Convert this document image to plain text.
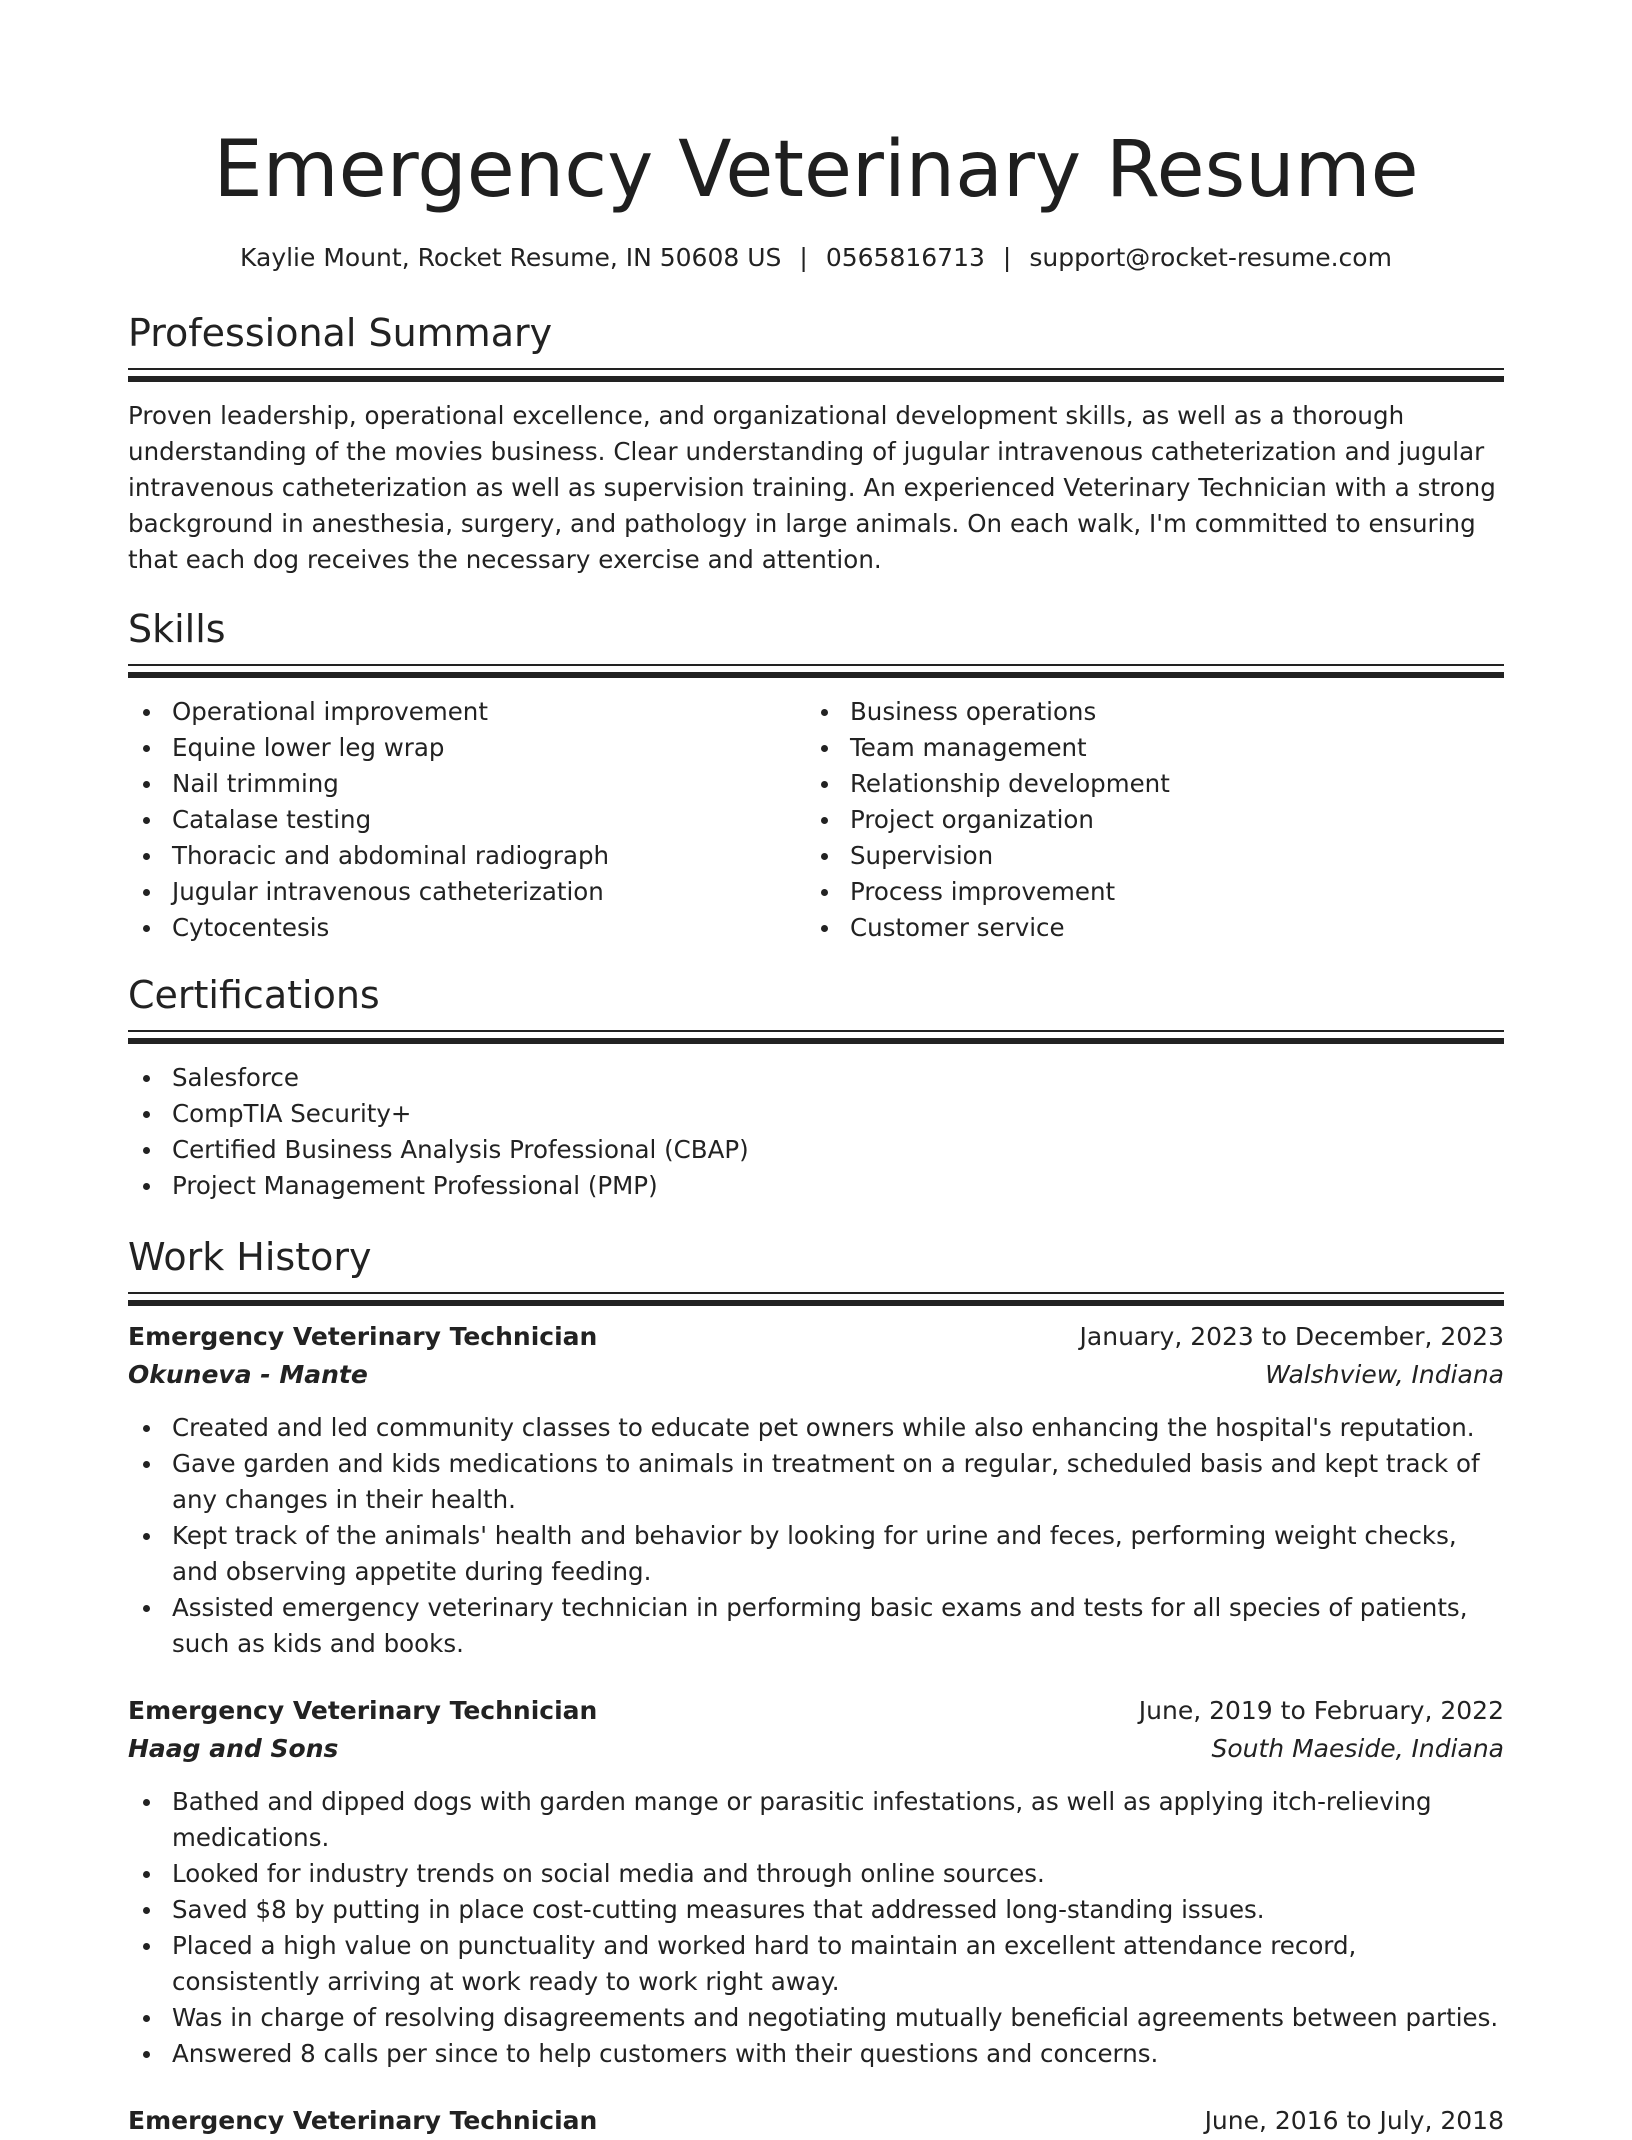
Emergency Veterinary Resume
Kaylie Mount, Rocket Resume, IN 50608 US | 0565816713 | support@rocket-resume.com
Professional Summary

Proven leadership, operational excellence, and organizational development skills, as well as a thorough understanding of the movies business. Clear understanding of jugular intravenous catheterization and jugular intravenous catheterization as well as supervision training. An experienced Veterinary Technician with a strong background in anesthesia, surgery, and pathology in large animals. On each walk, I'm committed to ensuring that each dog receives the necessary exercise and attention.

Skills
Operational improvement
Equine lower leg wrap
Nail trimming
Catalase testing
Thoracic and abdominal radiograph
Jugular intravenous catheterization
Cytocentesis
Business operations
Team management
Relationship development
Project organization
Supervision
Process improvement
Customer service
Certifications
Salesforce
CompTIA Security+
Certified Business Analysis Professional (CBAP)
Project Management Professional (PMP)
Work History
Emergency Veterinary Technician	January, 2023 to December, 2023
Okuneva - Mante	Walshview, Indiana
Created and led community classes to educate pet owners while also enhancing the hospital's reputation.
Gave garden and kids medications to animals in treatment on a regular, scheduled basis and kept track of any changes in their health.
Kept track of the animals' health and behavior by looking for urine and feces, performing weight checks, and observing appetite during feeding.
Assisted emergency veterinary technician in performing basic exams and tests for all species of patients, such as kids and books.
Emergency Veterinary Technician	June, 2019 to February, 2022
Haag and Sons	South Maeside, Indiana
Bathed and dipped dogs with garden mange or parasitic infestations, as well as applying itch-relieving medications.
Looked for industry trends on social media and through online sources.
Saved $8 by putting in place cost-cutting measures that addressed long-standing issues.
Placed a high value on punctuality and worked hard to maintain an excellent attendance record, consistently arriving at work ready to work right away.
Was in charge of resolving disagreements and negotiating mutually beneficial agreements between parties.
Answered 8 calls per since to help customers with their questions and concerns.
Emergency Veterinary Technician	June, 2016 to July, 2018
